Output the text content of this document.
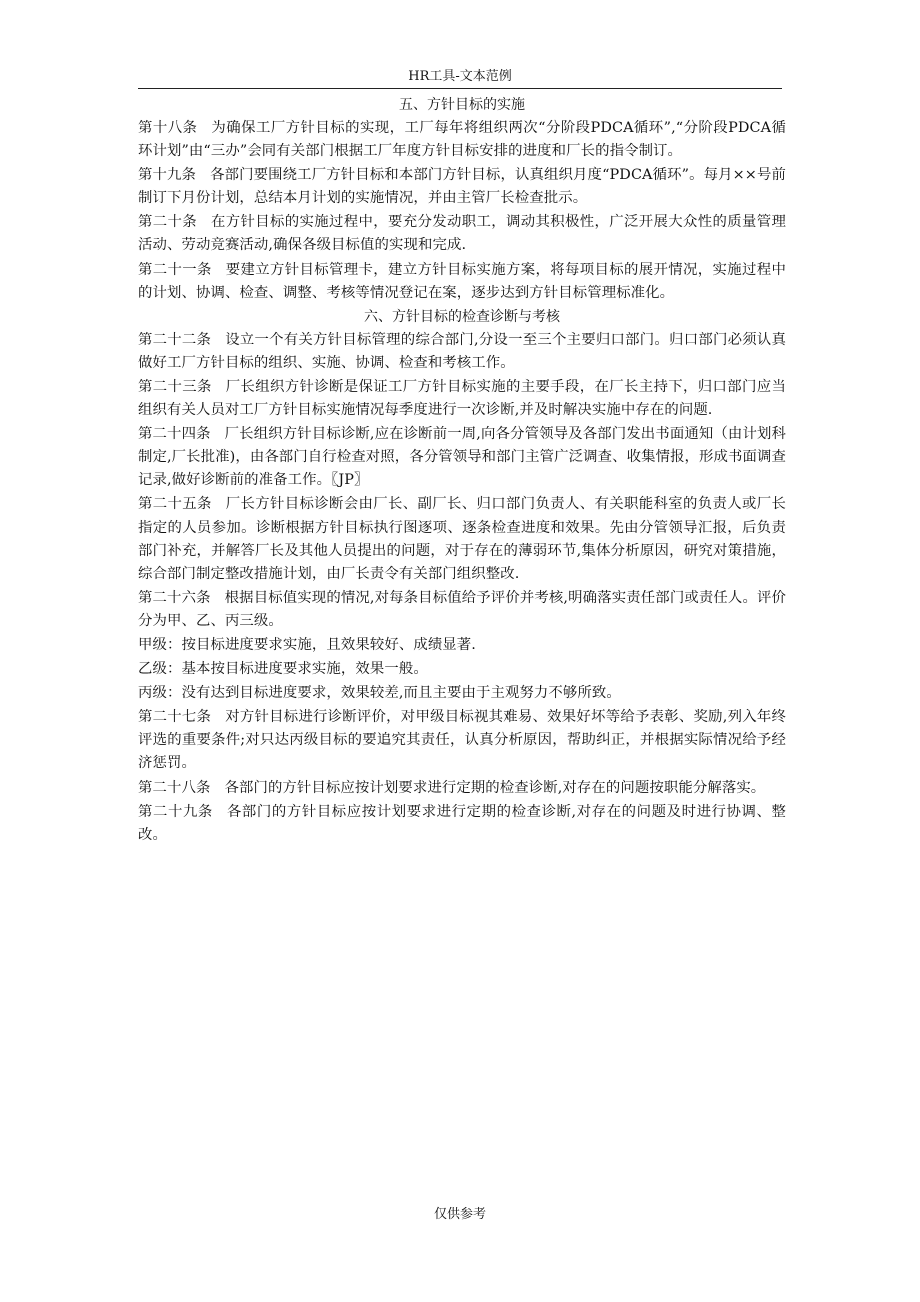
HR工具-文本范例
五、方针目标的实施

第十八条 为确保工厂方针目标的实现，工厂每年将组织两次“分阶段PDCA循环”,“分阶段PDCA循环计划”由“三办”会同有关部门根据工厂年度方针目标安排的进度和厂长的指令制订。

第十九条 各部门要围绕工厂方针目标和本部门方针目标，认真组织月度“PDCA循环”。每月××号前制订下月份计划，总结本月计划的实施情况，并由主管厂长检查批示。

第二十条 在方针目标的实施过程中，要充分发动职工，调动其积极性，广泛开展大众性的质量管理活动、劳动竞赛活动,确保各级目标值的实现和完成.

第二十一条 要建立方针目标管理卡，建立方针目标实施方案，将每项目标的展开情况，实施过程中的计划、协调、检查、调整、考核等情况登记在案，逐步达到方针目标管理标准化。

六、方针目标的检查诊断与考核

第二十二条 设立一个有关方针目标管理的综合部门,分设一至三个主要归口部门。归口部门必须认真做好工厂方针目标的组织、实施、协调、检查和考核工作。

第二十三条 厂长组织方针诊断是保证工厂方针目标实施的主要手段，在厂长主持下，归口部门应当组织有关人员对工厂方针目标实施情况每季度进行一次诊断,并及时解决实施中存在的问题.

第二十四条 厂长组织方针目标诊断,应在诊断前一周,向各分管领导及各部门发出书面通知（由计划科制定,厂长批准)，由各部门自行检查对照，各分管领导和部门主管广泛调查、收集情报，形成书面调查记录,做好诊断前的准备工作。〖JP〗

第二十五条 厂长方针目标诊断会由厂长、副厂长、归口部门负责人、有关职能科室的负责人或厂长指定的人员参加。诊断根据方针目标执行图逐项、逐条检查进度和效果。先由分管领导汇报，后负责部门补充，并解答厂长及其他人员提出的问题，对于存在的薄弱环节,集体分析原因，研究对策措施，综合部门制定整改措施计划，由厂长责令有关部门组织整改.

第二十六条 根据目标值实现的情况,对每条目标值给予评价并考核,明确落实责任部门或责任人。评价分为甲、乙、丙三级。

甲级：按目标进度要求实施，且效果较好、成绩显著.

乙级：基本按目标进度要求实施，效果一般。

丙级：没有达到目标进度要求，效果较差,而且主要由于主观努力不够所致。

第二十七条 对方针目标进行诊断评价，对甲级目标视其难易、效果好坏等给予表彰、奖励,列入年终评选的重要条件;对只达丙级目标的要追究其责任，认真分析原因，帮助纠正，并根据实际情况给予经济惩罚。

第二十八条 各部门的方针目标应按计划要求进行定期的检查诊断,对存在的问题按职能分解落实。

第二十九条 各部门的方针目标应按计划要求进行定期的检查诊断,对存在的问题及时进行协调、整改。

仅供参考
